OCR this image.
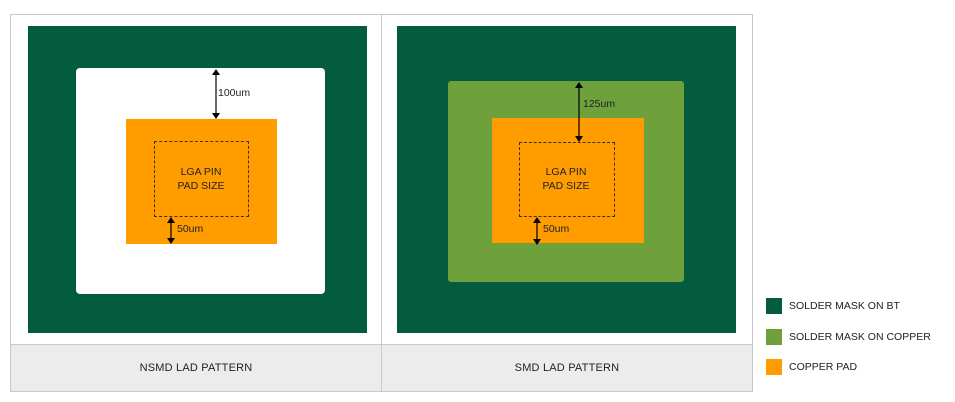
LGA PIN
PAD SIZE
100um
50um
NSMD LAD PATTERN
LGA PIN
PAD SIZE
125um
50um
SMD LAD PATTERN
SOLDER MASK ON BT
SOLDER MASK ON COPPER
COPPER PAD
